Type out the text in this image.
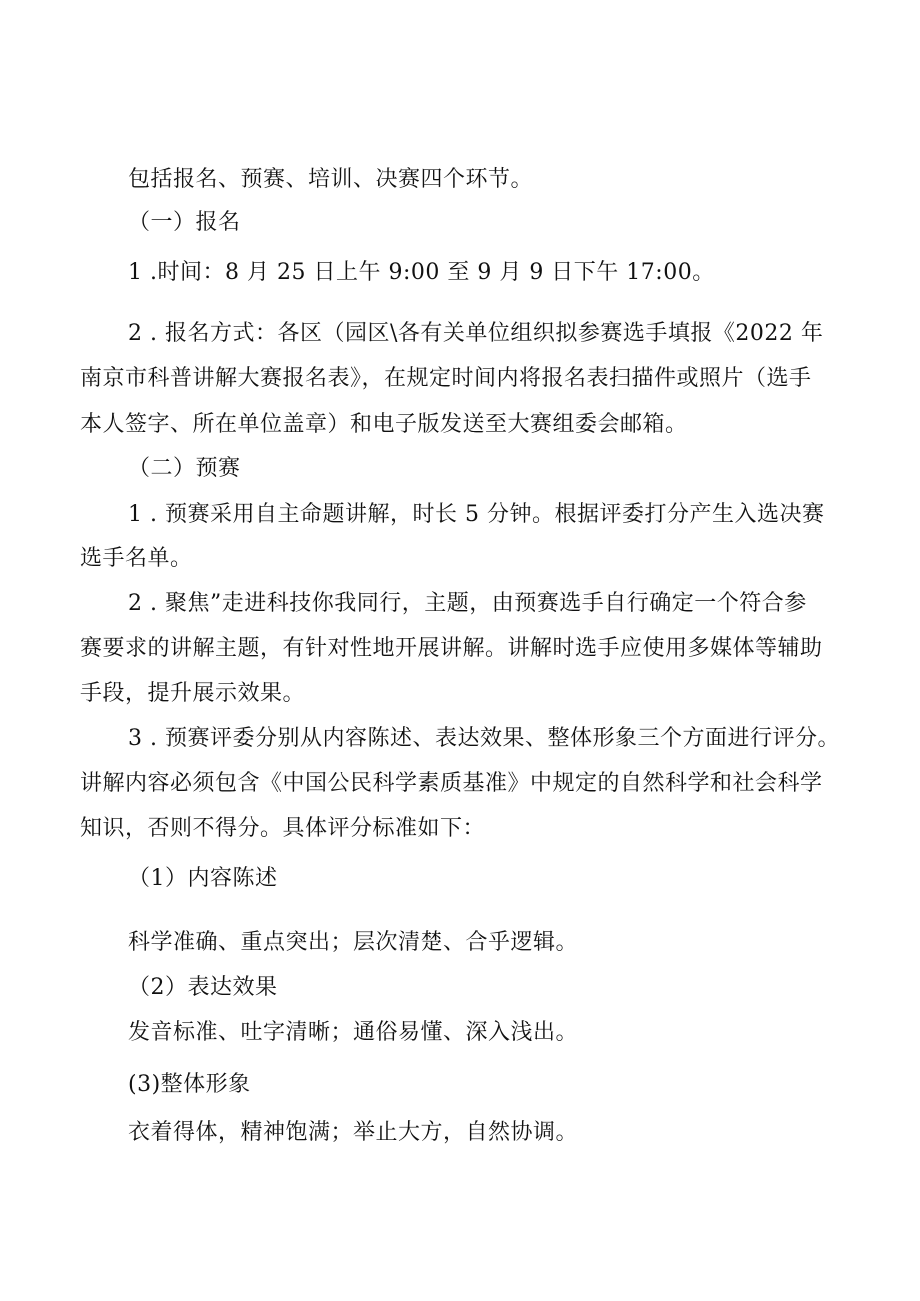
包括报名、预赛、培训、决赛四个环节。
（一）报名
1 .时间：8 月 25 日上午 9:00 至 9 月 9 日下午 17:00。
2 . 报名方式：各区（园区\各有关单位组织拟参赛选手填报《2022 年
南京市科普讲解大赛报名表》，在规定时间内将报名表扫描件或照片（选手
本人签字、所在单位盖章）和电子版发送至大赛组委会邮箱。
（二）预赛
1 . 预赛采用自主命题讲解，时长 5 分钟。根据评委打分产生入选决赛
选手名单。
2 . 聚焦”走进科技你我同行，主题，由预赛选手自行确定一个符合参
赛要求的讲解主题，有针对性地开展讲解。讲解时选手应使用多媒体等辅助
手段，提升展示效果。
3 . 预赛评委分别从内容陈述、表达效果、整体形象三个方面进行评分。
讲解内容必须包含《中国公民科学素质基准》中规定的自然科学和社会科学
知识，否则不得分。具体评分标准如下：
（1）内容陈述
科学准确、重点突出；层次清楚、合乎逻辑。
（2）表达效果
发音标准、吐字清晰；通俗易懂、深入浅出。
(3)整体形象
衣着得体，精神饱满；举止大方，自然协调。
